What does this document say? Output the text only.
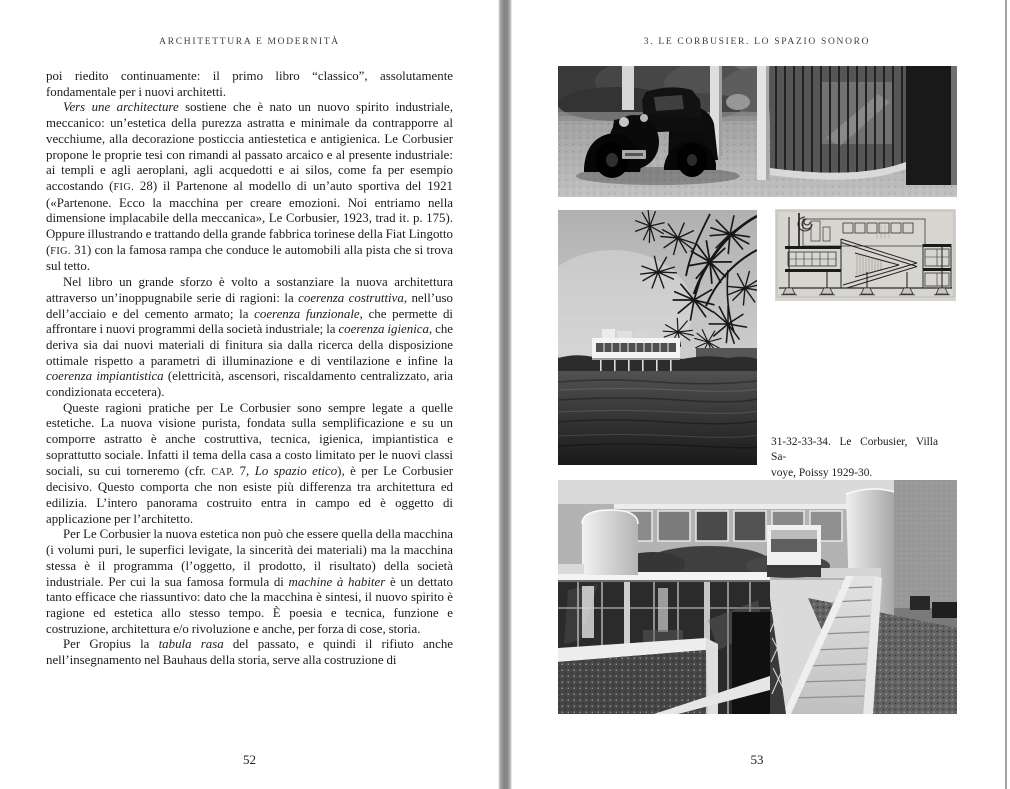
ARCHITETTURA E MODERNITÀ

poi riedito continuamente: il primo libro “classico”, assolutamente fondamentale per i nuovi architetti.

Vers une architecture sostiene che è nato un nuovo spirito industriale, meccanico: un’estetica della purezza astratta e minimale da contrapporre al vecchiume, alla decorazione posticcia antiestetica e antigienica. Le Corbusier propone le proprie tesi con rimandi al passato arcaico e al presente industriale: ai templi e agli aeroplani, agli acquedotti e ai silos, come fa per esempio accostando (FIG. 28) il Partenone al modello di un’auto sportiva del 1921 («Partenone. Ecco la macchina per creare emozioni. Noi entriamo nella dimensione implacabile della meccanica», Le Corbusier, 1923, trad it. p. 175). Oppure illustrando e trattando della grande fabbrica torinese della Fiat Lingotto (FIG. 31) con la famosa rampa che conduce le automobili alla pista che si trova sul tetto.

Nel libro un grande sforzo è volto a sostanziare la nuova architettura attraverso un’inoppugnabile serie di ragioni: la coerenza costruttiva, nell’uso dell’acciaio e del cemento armato; la coerenza funzionale, che permette di affrontare i nuovi programmi della società industriale; la coerenza igienica, che deriva sia dai nuovi materiali di finitura sia dalla ricerca della disposizione ottimale rispetto a parametri di illuminazione e di ventilazione e infine la coerenza impiantistica (elettricità, ascensori, riscaldamento centralizzato, aria condizionata eccetera).

Queste ragioni pratiche per Le Corbusier sono sempre legate a quelle estetiche. La nuova visione purista, fondata sulla semplificazione e su un comporre astratto è anche costruttiva, tecnica, igienica, impiantistica e soprattutto sociale. Infatti il tema della casa a costo limitato per le nuovi classi sociali, su cui torneremo (cfr. CAP. 7, Lo spazio etico), è per Le Corbusier decisivo. Questo comporta che non esiste più differenza tra architettura ed edilizia. L’intero panorama costruito entra in campo ed è oggetto di applicazione per l’architetto.

Per Le Corbusier la nuova estetica non può che essere quella della macchina (i volumi puri, le superfici levigate, la sincerità dei materiali) ma la macchina stessa è il programma (l’oggetto, il prodotto, il risultato) della società industriale. Per cui la sua famosa formula di machine à habiter è un dettato tanto efficace che riassuntivo: dato che la macchina è sintesi, il nuovo spirito è ragione ed estetica allo stesso tempo. È poesia e tecnica, funzione e costruzione, architettura e/o rivoluzione e anche, per forza di cose, storia.

Per Gropius la tabula rasa del passato, e quindi il rifiuto anche nell’insegnamento nel Bauhaus della storia, serve alla costruzione di

52
3. LE CORBUSIER. LO SPAZIO SONORO
31-32-33-34. Le Corbusier, Villa Sa-
voye, Poissy 1929-30.
53
